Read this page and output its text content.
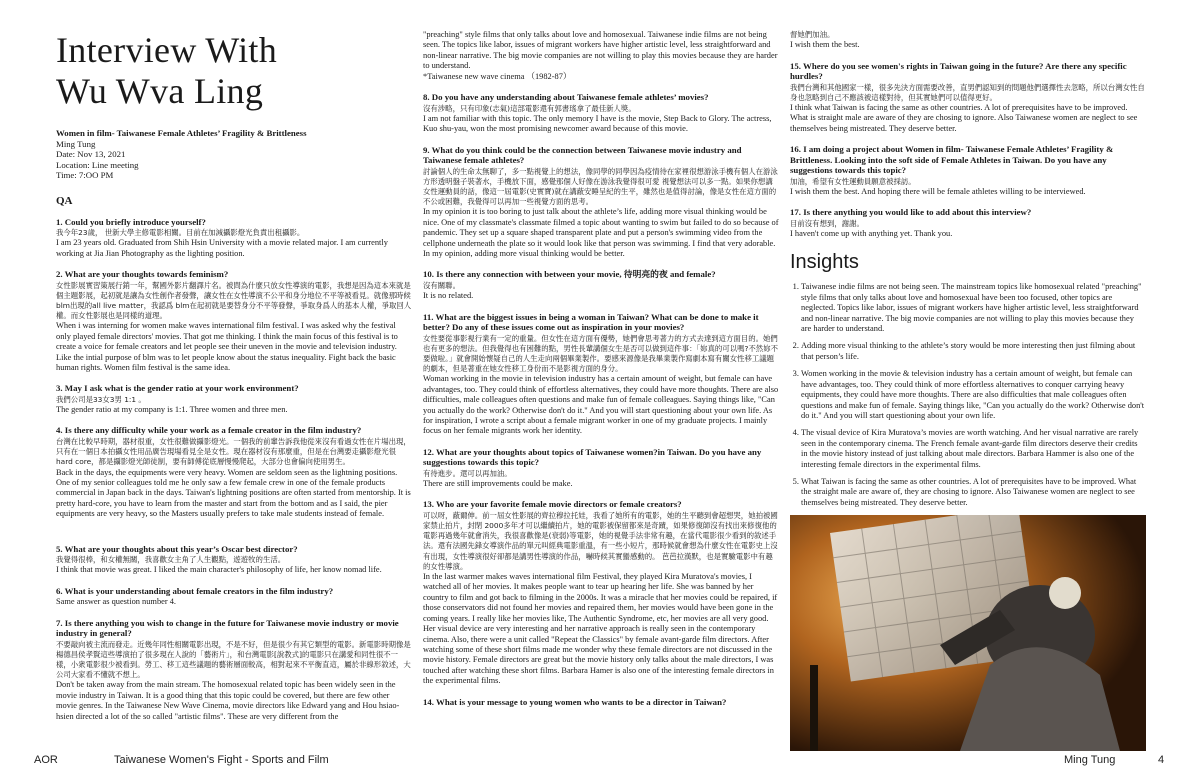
Interview With
Wu Wva Ling

Women in film- Taiwanese Female Athletes’ Fragility & Brittleness

Ming Tung

Date: Nov 13, 2021

Location: Line meeting

Time: 7:OO PM

QA

1. Could you briefly introduce yourself?

我今年23歲， 世新大學主修電影相關。目前在加減攝影燈光負責出租攝影。

I am 23 years old. Graduated from Shih Hsin University with a movie related major. I am currently working at Jia Jian Photography as the lighting position.

2. What are your thoughts towards feminism?

女性影展實習策展行銷一年，幫國外影片翻譯片名。被問為什麼只放女性導演的電影，我想是因為這本來就是個主題影展，起初就是讓為女性創作者發聲，讓女性在女性導演不公平和身分地位不平等被看見。就像那時候 blm出現的all live matter，我認爲 blm在起初就是要替身分不平等發聲，爭取身爲人的基本人權，爭取回人權。而女性影展也是同樣的道理。

When i was interning for women make waves international film festival. I was asked why the festival only played female directors' movies. That got me thinking. I think the main focus of this festival is to create a voice for female creators and let people see their uneven in the movie and television industry. Like the intial purpose of blm was to let people know about the status inequality. Fight back the basic human rights. Women film festival is the same idea.

3. May I ask what is the gender ratio at your work environment?

我們公司是33女3男 1:1 。

The gender ratio at my company is 1:1. Three women and three men.

4. Is there any difficulty while your work as a female creator in the film industry?

台灣在比較早時期，器材很重，女性很難做攝影燈光。一個我的前輩告訴我他從來沒有看過女性在片場出現，只有在一個日本拍攝女性用品廣告現場看見全是女性。現在器材沒有那麼重，但是在台灣要走攝影燈光很hard core，都是攝影燈光師徒制，要有師傅從底層慢慢爬起，大部分也會偏向使用男生。

Back in the days, the equipments were very heavy. Women are seldom seen as the lightning positions. One of my senior colleagues told me he only saw a few female crew in one of the female products commercial in Japan back in the days. Taiwan's lightning positions are often started from mentorship. It is pretty hard-core, you have to learn from the master and start from the bottom and as I said, the pier equipments are very heavy, so the Masters usually prefers to take male students instead of female.

5. What are your thoughts about this year’s Oscar best director?

我覺得很棒，和女權無關，我喜歡女主角了人生觀點，遊遊牧的生活。

I think that movie was great. I liked the main character's philosophy of life, her know nomad life.

6. What is your understanding about female creators in the film industry?

Same answer as question number 4.

7. Is there anything you wish to change in the future for Taiwanese movie industry or movie industry in general?

不要敲向被主流而發走。近幾年同性相關電影出現，不是不好，但是很少有其它類型的電影。新電影時期像是楊德昌侯孝賢這些導演拍了很多現在人說的「藝術片」，和台灣電影[說教式]的電影只在講愛和同性很不一樣，小衆電影很少被看到。勞工、移工這些議題的藝術層面較高，相對起來不平衡直這，屬於非線形敘述，大公司大家看不懂就不想上。

Don't be taken away from the main stream. The homosexual related topic has been widely seen in the movie industry in Taiwan. It is a good thing that this topic could be covered, but there are few other movie genres. In the Taiwanese New Wave Cinema, movie directors like Edward yang and Hou hsiao-hsien directed a lot of the so called "artistic films". These are very different from the

"preaching" style films that only talks about love and homosexual. Taiwanese indie films are not being seen. The topics like labor, issues of migrant workers have higher artistic level, less straightforward and non-linear narrative. The big movie companies are not willing to play this movies because they are harder to understand.

*Taiwanese new wave cinema （1982-87）

8. Do you have any understanding about Taiwanese female athletes’ movies?

沒有涉略，只有印象(志氣)這部電影還有郭書瑤拿了最佳新人獎。

I am not familiar with this topic. The only memory I have is the movie, Step Back to Glory. The actress, Kuo shu-yau, won the most promising newcomer award because of this movie.

9. What do you think could be the connection between Taiwanese movie industry and Taiwanese female athletes?

討論個人的生命太無聊了，多一點視覺上的想法，像同學的同學因為疫情待在家裡很想游泳手機有個人在游泳 方形透明盤子裝著水，手機放下面，感覺那個人好像在游泳我覺得很可愛 視覺想法可以多一點。如果你想講女性運動員的話，像這一屆電影(史實寶)就在講蔽安睡呈紀的生平，雖然也是值得討論，像是女性在這方面的不公或困難，我覺得可以再加一些視覺方面的思考。

In my opinion it is too boring to just talk about the athlete’s life, adding more visual thinking would be nice. One of my classmate's classmate filmed a topic about wanting to swim but failed to do so because of pandemic. They set up a square shaped transparent plate and put a person's swimming video from the cellphone underneath the plate so it would look like that person was swimming. I find that very adorable. In my opinion, adding more visual thinking would be better.

10. Is there any connection with between your movie, 待明亮的夜 and female?

沒有關聯。

It is no related.

11. What are the biggest issues in being a woman in Taiwan? What can be done to make it better? Do any of these issues come out as inspiration in your movies?

女性要從事影視行業有一定的重量。但女性在這方面有優勢，她們會思考著力的方式去達到這方面目的。她們也有更多的想法。但我覺得也有困難的點，男性長輩講個女生是否可以做到這件事：「妳真的可以嗎?不然妳不要做啦。」就會開始懷疑自己的人生走向兩個畢業製作。要感來源像是我畢業製作寫劇本寫有關女性移工議題的劇本，但是著重在她女性移工身份而不是影視方面的身分。

Woman working in the movie in television industry has a certain amount of weight, but female can have advantages, too. They could think of effortless alternatives, they could have more thoughts. There are also difficulties, male colleagues often questions and make fun of female colleagues. Saying things like, "Can you actually do the work? Otherwise don't do it." And you will start questioning about your own life. As for inspiration, I wrote a script about a female migrant worker in one of my graduate projects. I mainly focus on her female migrants work her identity.

12. What are your thoughts about topics of Taiwanese women?in Taiwan. Do you have any suggestions towards this topic?

有待進步。還可以再加油。

There are still improvements could be make.

13. Who are your favorite female movie directors or female creators?

可以呀，蔽爾伸。前一屆女性影展的齊拉穆拉托娃，我看了她所有的電影，她的生平聽到會超想哭，她拍被國家禁止拍片，封閉 2000多年才可以繼續拍片，她的電影被保留都來是奇蹟，如果修復師沒有找出來修復他的電影再過幾年就會消失，我很喜歡像是(衰弱)等電影，她的視覺手法非常有趣，在當代電影很少看到的敘述手法。還有法國先鋒女導演作品的單元叫經典電影重溫，有一些小短片，那時候就會想為什麼女性在電影史上沒有出現，女性導演很好卻都是講男性導演的作品，嚇時候其實蠻感動的。 芭芭拉漢默，也是實驗電影中有趣的女性導演。

In the last warmer makes waves international film Festival, they played Kira Muratova's movies, I watched all of her movies. It makes people want to tear up hearing her life. She was banned by her country to film and got back to filming in the 2000s. It was a miracle that her movies could be repaired, if those conservators did not found her movies and repaired them, her movies would have been gone in the coming years. I really like her movies like, The Authentic Syndrome, etc, her movies are all very good. Her visual device are very interesting and her narrative approach is really seen in the contemporary cinema. Also, there were a unit called "Repeat the Classics" by female avant-garde film directors. After watching some of these short films made me wonder why these female directors are not discussed in the movie history. Female directors are great but the movie history only talks about the male directors, I was touched after watching these short films. Barbara Hamer is also one of the interesting female directors in the experimental films.

14. What is your message to young women who wants to be a director in Taiwan?

督她們加油。

I wish them the best.

15. Where do you see women's rights in Taiwan going in the future? Are there any specific hurdles?

我們台灣和其他國家一樣，很多先決方面需要改善，直男們認知到的問題他們選擇性去忽略，所以台灣女性自身也忽略到自己不應該被這樣對待，但其實她們可以值得更好。

I think what Taiwan is facing the same as other countries. A lot of prerequisites have to be improved. What is straight male are aware of they are chosing to ignore. Also Taiwanese women are neglect to see themselves being mistreated. They deserve better.

16. I am doing a project about Women in film- Taiwanese Female Athletes’ Fragility & Brittleness. Looking into the soft side of Female Athletes in Taiwan. Do you have any suggestions towards this topic?

加油，希望有女性運動員願意被採訪。

I wish them the best. And hoping there will be female athletes willing to be interviewed.

17. Is there anything you would like to add about this interview?

目前沒有想到，謝謝。

I haven't come up with anything yet. Thank you.

Insights
1. Taiwanese indie films are not being seen. The mainstream topics like homosexual related "preaching" style films that only talks about love and homosexual have been too focused, other topics are neglected. Topics like labor, issues of migrant workers have higher artistic level, less straightforward and non-linear narrative. The big movie companies are not willing to play this movies because they are harder to understand.
2. Adding more visual thinking to the athlete’s story would be more interesting then just filming about that person’s life.
3. Women working in the movie & television industry has a certain amount of weight, but female can have advantages, too. They could think of more effortless alternatives to conquer carrying heavy equipments, they could have more thoughts. There are also difficulties that male colleagues often questions and make fun of female. Saying things like, "Can you actually do the work? Otherwise don't do it." And you will start questioning about your own life.
4. The visual device of Kira Muratova’s movies are worth watching. And her visual narrative are rarely seen in the contemporary cinema. The French female avant-garde film directors deserve their credits in the movie history instead of just talking about male directors. Barbara Hammer is also one of the interesting female directors in the experimental films.
5. What Taiwan is facing the same as other countries. A lot of prerequisites have to be improved. What the straight male are aware of, they are chosing to ignore. Also Taiwanese women are neglect to see themselves being mistreated. They deserve better.
AOR	Taiwanese Women's Fight - Sports and Film	Ming Tung	4
